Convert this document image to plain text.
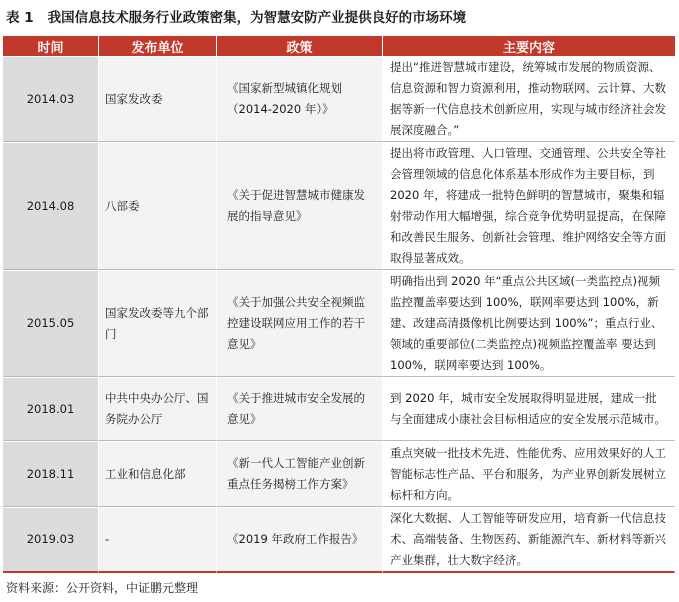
表 1 我国信息技术服务行业政策密集，为智慧安防产业提供良好的市场环境
时间	发布单位	政策	主要内容
2014.03	国家发改委	《国家新型城镇化规划（2014-2020 年）》	提出“推进智慧城市建设，统筹城市发展的物质资源、信息资源和智力资源利用，推动物联网、云计算、大数据等新一代信息技术创新应用，实现与城市经济社会发展深度融合。”
2014.08	八部委	《关于促进智慧城市健康发展的指导意见》	提出将市政管理、人口管理、交通管理、公共安全等社会管理领域的信息化体系基本形成作为主要目标，到 2020 年，将建成一批特色鲜明的智慧城市，聚集和辐射带动作用大幅增强，综合竞争优势明显提高，在保障和改善民生服务、创新社会管理、维护网络安全等方面取得显著成效。
2015.05	国家发改委等九个部门	《关于加强公共安全视频监控建设联网应用工作的若干意见》	明确指出到 2020 年“重点公共区域(一类监控点)视频监控覆盖率要达到 100%，联网率要达到 100%，新建、改建高清摄像机比例要达到 100%”；重点行业、领域的重要部位(二类监控点)视频监控覆盖率 要达到 100%，联网率要达到 100%。
2018.01	中共中央办公厅、国务院办公厅	《关于推进城市安全发展的意见》	到 2020 年，城市安全发展取得明显进展，建成一批与全面建成小康社会目标相适应的安全发展示范城市。
2018.11	工业和信息化部	《新一代人工智能产业创新重点任务揭榜工作方案》	重点突破一批技术先进、性能优秀、应用效果好的人工智能标志性产品、平台和服务，为产业界创新发展树立标杆和方向。
2019.03	-	《2019 年政府工作报告》	深化大数据、人工智能等研发应用，培育新一代信息技术、高端装备、生物医药、新能源汽车、新材料等新兴产业集群，壮大数字经济。
资料来源：公开资料，中证鹏元整理
